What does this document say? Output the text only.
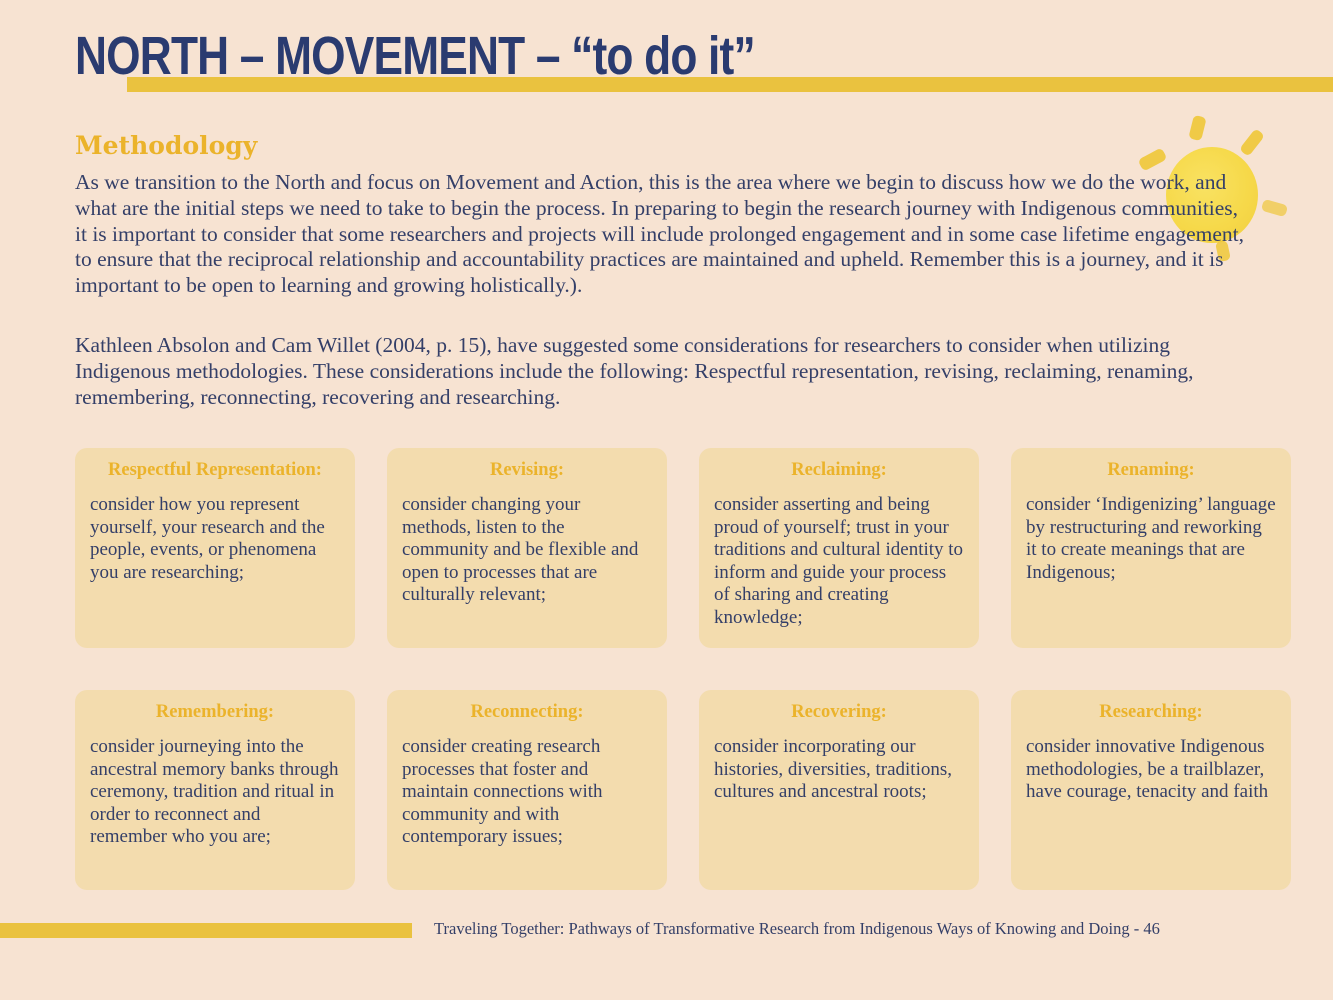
NORTH – MOVEMENT – “to do it”
Methodology
As we transition to the North and focus on Movement and Action, this is the area where we begin to discuss how we do the work, and what are the initial steps we need to take to begin the process. In preparing to begin the research journey with Indigenous communities, it is important to consider that some researchers and projects will include prolonged engagement and in some case lifetime engagement, to ensure that the reciprocal relationship and accountability practices are maintained and upheld. Remember this is a journey, and it is important to be open to learning and growing holistically.).
Kathleen Absolon and Cam Willet (2004, p. 15), have suggested some considerations for researchers to consider when utilizing Indigenous methodologies. These considerations include the following: Respectful representation, revising, reclaiming, renaming, remembering, reconnecting, recovering and researching.
Respectful Representation:
consider how you represent yourself, your research and the people, events, or phenomena you are researching;
Revising:
consider changing your methods, listen to the community and be flexible and open to processes that are culturally relevant;
Reclaiming:
consider asserting and being proud of yourself; trust in your traditions and cultural identity to inform and guide your process of sharing and creating knowledge;
Renaming:
consider ‘Indigenizing’ language by restructuring and reworking it to create meanings that are Indigenous;
Remembering:
consider journeying into the ancestral memory banks through ceremony, tradition and ritual in order to reconnect and remember who you are;
Reconnecting:
consider creating research processes that foster and maintain connections with community and with contemporary issues;
Recovering:
consider incorporating our histories, diversities, traditions, cultures and ancestral roots;
Researching:
consider innovative Indigenous methodologies, be a trailblazer, have courage, tenacity and faith
Traveling Together: Pathways of Transformative Research from Indigenous Ways of Knowing and Doing - 46
